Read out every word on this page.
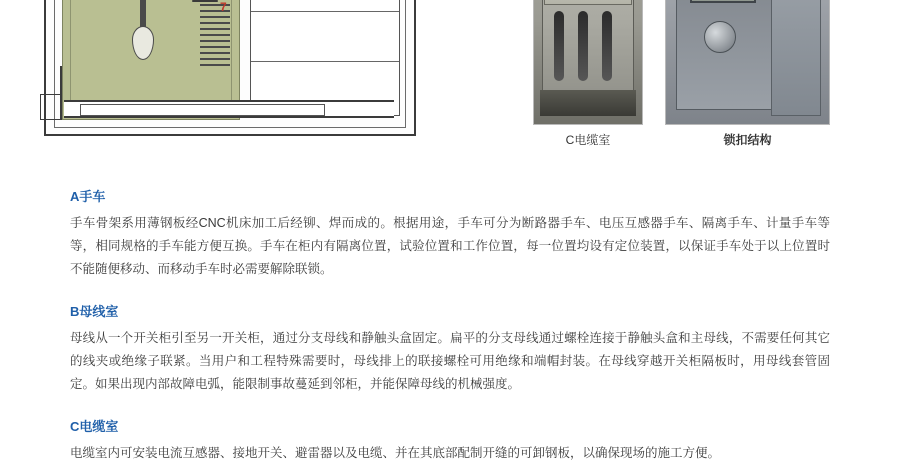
7
C电缆室	锁扣结构
A手车

手车骨架系用薄钢板经CNC机床加工后经铆、焊而成的。根据用途，手车可分为断路器手车、电压互感器手车、隔离手车、计量手车等等，相同规格的手车能方便互换。手车在柜内有隔离位置，试验位置和工作位置，每一位置均设有定位装置，以保证手车处于以上位置时不能随便移动、而移动手车时必需要解除联锁。

B母线室

母线从一个开关柜引至另一开关柜，通过分支母线和静触头盒固定。扁平的分支母线通过螺栓连接于静触头盒和主母线，不需要任何其它的线夹或绝缘子联紧。当用户和工程特殊需要时，母线排上的联接螺栓可用绝缘和端帽封装。在母线穿越开关柜隔板时，用母线套管固定。如果出现内部故障电弧，能限制事故蔓延到邻柜，并能保障母线的机械强度。

C电缆室

电缆室内可安装电流互感器、接地开关、避雷器以及电缆、并在其底部配制开缝的可卸钢板，以确保现场的施工方便。
